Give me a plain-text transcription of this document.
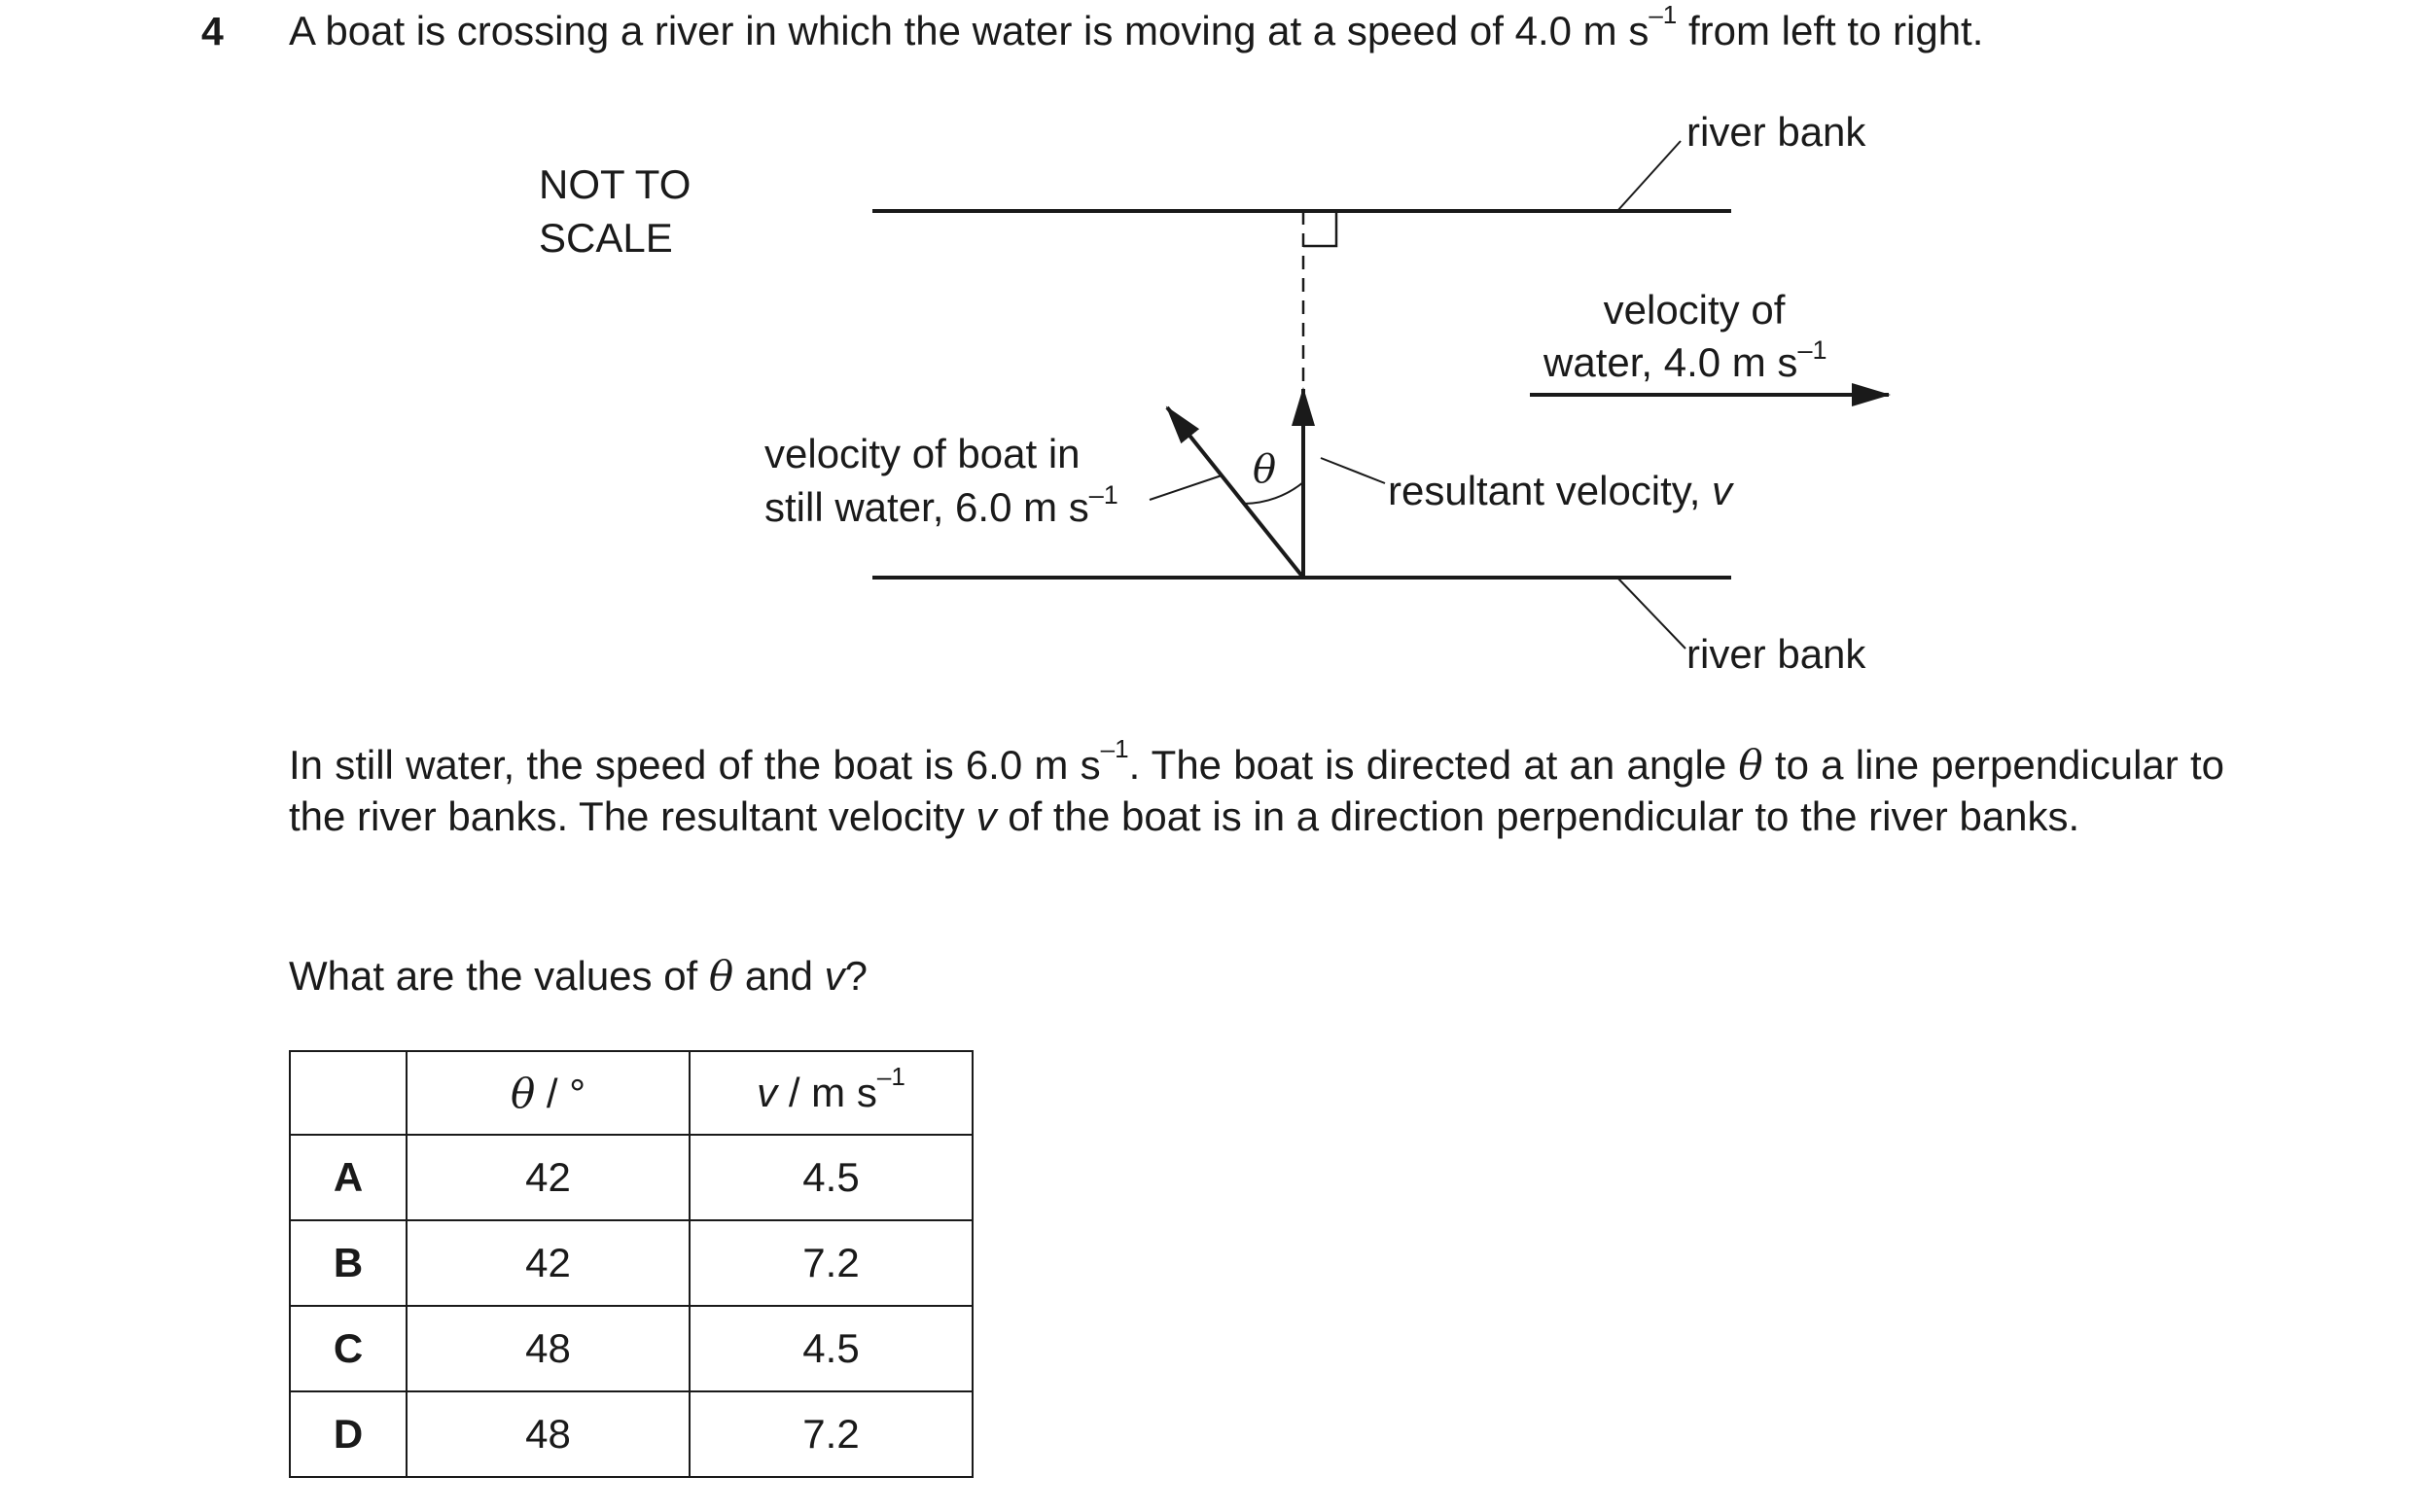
4 A boat is crossing a river in which the water is moving at a speed of 4.0 m $s^{-1}$ from left to right.
NOT TO
SCALE
river bank
river bank
θ
velocity of
water, 4.0 m $s^{-1}$
velocity of boat in
still water, 6.0 m $s^{-1}$	resultant velocity, v
In still water, the speed of the boat is 6.0 m $s^{-1}$. The boat is directed at an angle θ to a line perpendicular to the river banks. The resultant velocity v of the boat is in a direction perpendicular to the river banks.
What are the values of θ and v?
	θ / °	v / m $s^{-1}$
A	42	4.5
B	42	7.2
C	48	4.5
D	48	7.2
